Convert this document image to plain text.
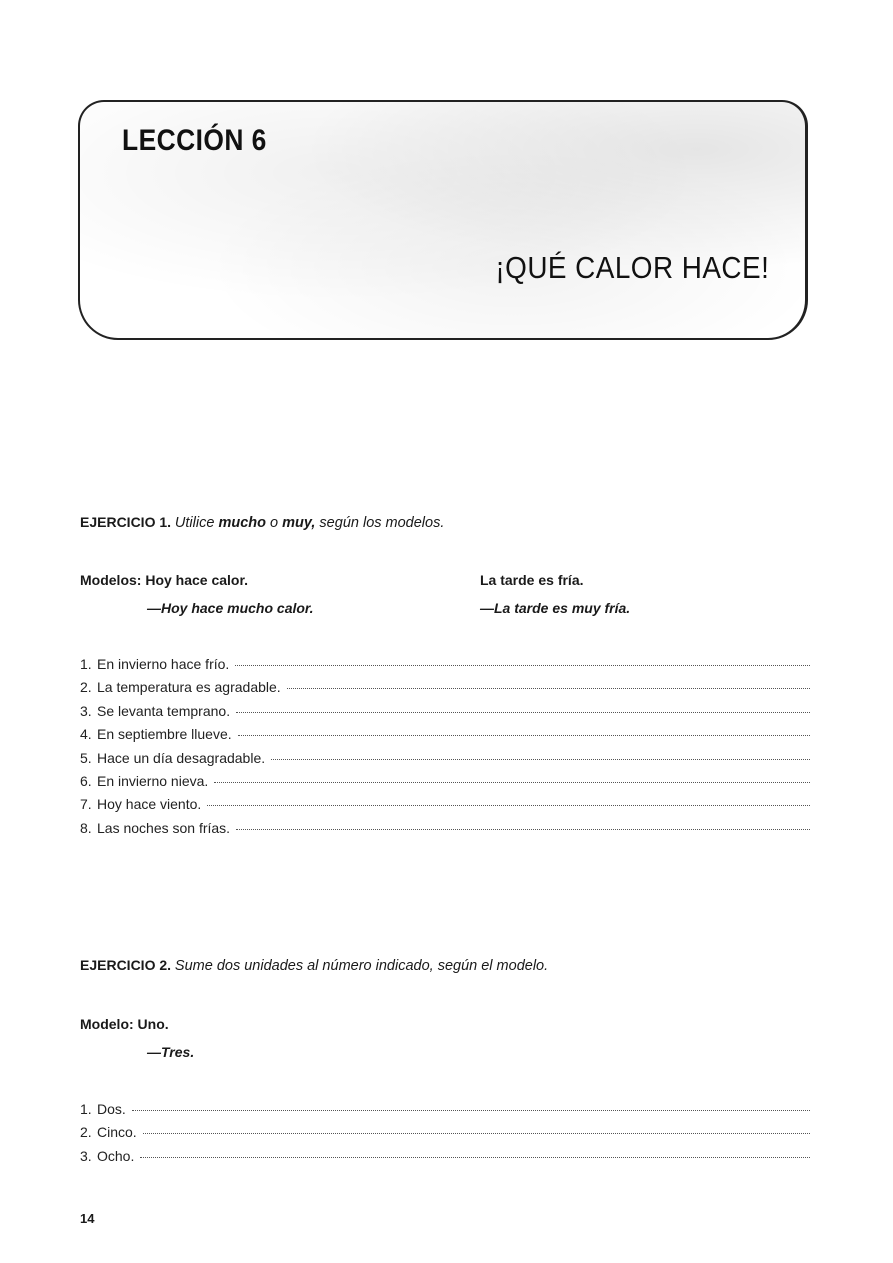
LECCIÓN 6
¡QUÉ CALOR HACE!
EJERCICIO 1. Utilice mucho o muy, según los modelos.
Modelos: Hoy hace calor.
—Hoy hace mucho calor.
La tarde es fría.
—La tarde es muy fría.
1. En invierno hace frío.
2. La temperatura es agradable.
3. Se levanta temprano.
4. En septiembre llueve.
5. Hace un día desagradable.
6. En invierno nieva.
7. Hoy hace viento.
8. Las noches son frías.
EJERCICIO 2. Sume dos unidades al número indicado, según el modelo.
Modelo: Uno.
—Tres.
1. Dos.
2. Cinco.
3. Ocho.
14
